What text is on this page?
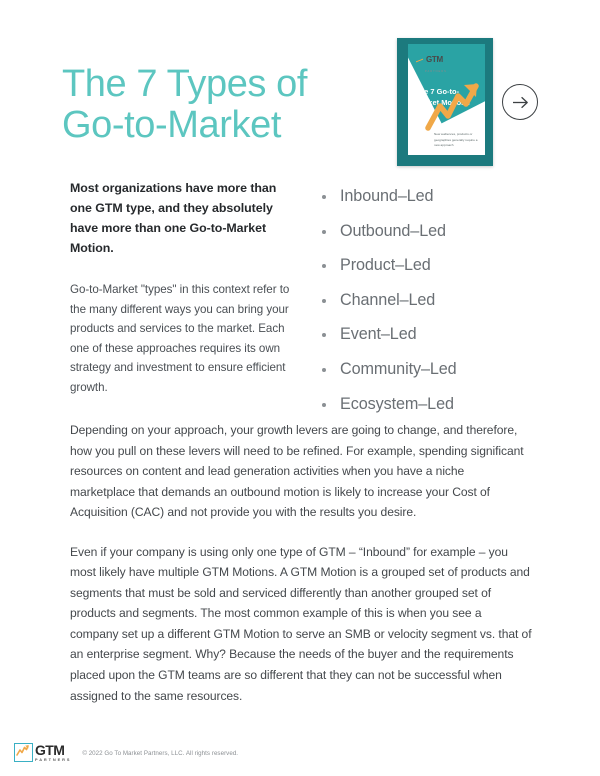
The 7 Types of
Go-to-Market
GTM
PARTNERS
The 7 Go-to-Market Motions
New audiences, products or geographies generally require a new approach

Most organizations have more than one GTM type, and they absolutely have more than one Go-to-Market Motion.

Go-to-Market "types" in this context refer to the many different ways you can bring your products and services to the market. Each one of these approaches requires its own strategy and investment to ensure efficient growth.

Inbound–Led
Outbound–Led
Product–Led
Channel–Led
Event–Led
Community–Led
Ecosystem–Led

Depending on your approach, your growth levers are going to change, and therefore, how you pull on these levers will need to be refined. For example, spending significant resources on content and lead generation activities when you have a niche marketplace that demands an outbound motion is likely to increase your Cost of Acquisition (CAC) and not provide you with the results you desire.

Even if your company is using only one type of GTM – “Inbound” for example – you most likely have multiple GTM Motions. A GTM Motion is a grouped set of products and segments that must be sold and serviced differently than another grouped set of products and segments. The most common example of this is when you see a company set up a different GTM Motion to serve an SMB or velocity segment vs. that of an enterprise segment. Why? Because the needs of the buyer and the requirements placed upon the GTM teams are so different that they can not be successful when assigned to the same resources.

GTM
PARTNERS
© 2022 Go To Market Partners, LLC. All rights reserved.
